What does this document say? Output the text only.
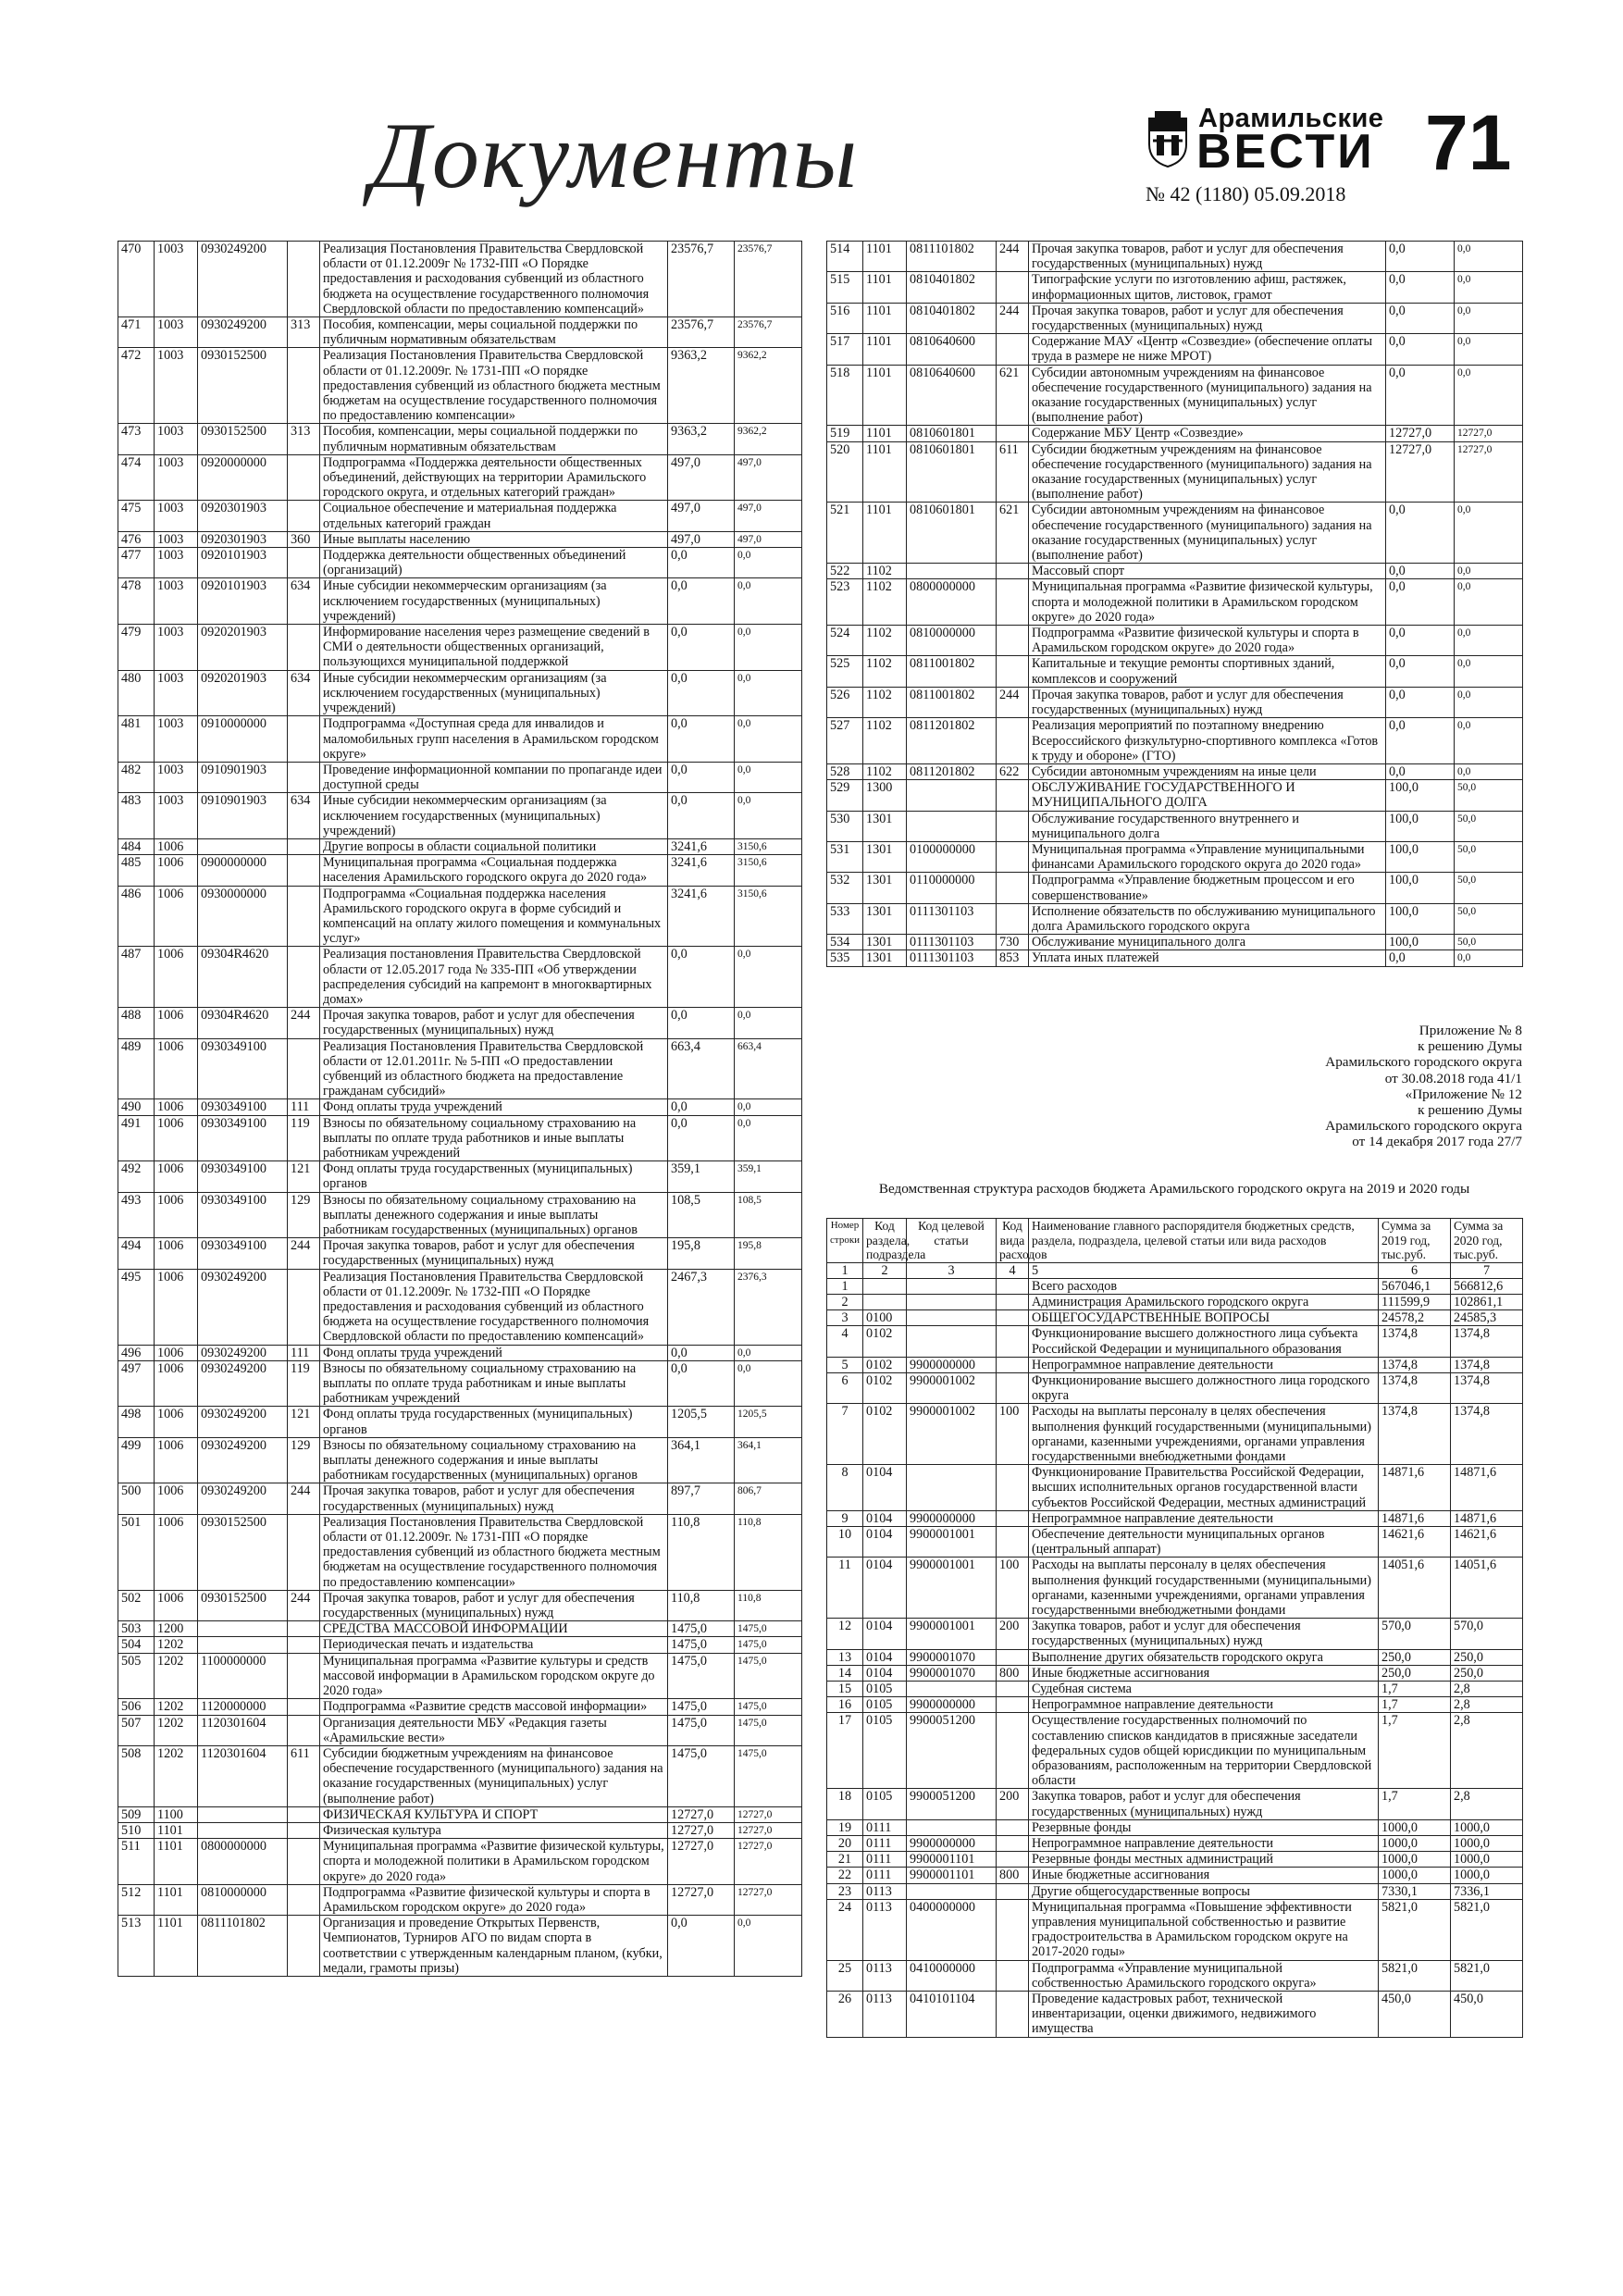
Документы	Арамильские
ВЕСТИ
№ 42 (1180) 05.09.2018
71
470	1003	0930249200		Реализация Постановления Правительства Свердловской области от 01.12.2009г № 1732-ПП «О Порядке предоставления и расходования субвенций из областного бюджета на осуществление государственного полномочия Свердловской области по предоставлению компенсаций»	23576,7	23576,7
471	1003	0930249200	313	Пособия, компенсации, меры социальной поддержки по публичным нормативным обязательствам	23576,7	23576,7
472	1003	0930152500		Реализация Постановления Правительства Свердловской области от 01.12.2009г. № 1731-ПП «О порядке предоставления субвенций из областного бюджета местным бюджетам на осуществление государственного полномочия по предоставлению компенсации»	9363,2	9362,2
473	1003	0930152500	313	Пособия, компенсации, меры социальной поддержки по публичным нормативным обязательствам	9363,2	9362,2
474	1003	0920000000		Подпрограмма «Поддержка деятельности общественных объединений, действующих на территории Арамильского городского округа, и отдельных категорий граждан»	497,0	497,0
475	1003	0920301903		Социальное обеспечение и материальная поддержка отдельных категорий граждан	497,0	497,0
476	1003	0920301903	360	Иные выплаты населению	497,0	497,0
477	1003	0920101903		Поддержка деятельности общественных объединений (организаций)	0,0	0,0
478	1003	0920101903	634	Иные субсидии некоммерческим организациям (за исключением государственных (муниципальных) учреждений)	0,0	0,0
479	1003	0920201903		Информирование населения через размещение сведений в СМИ о деятельности общественных организаций, пользующихся муниципальной поддержкой	0,0	0,0
480	1003	0920201903	634	Иные субсидии некоммерческим организациям (за исключением государственных (муниципальных) учреждений)	0,0	0,0
481	1003	0910000000		Подпрограмма «Доступная среда для инвалидов и маломобильных групп населения в Арамильском городском округе»	0,0	0,0
482	1003	0910901903		Проведение информационной компании по пропаганде идеи доступной среды	0,0	0,0
483	1003	0910901903	634	Иные субсидии некоммерческим организациям (за исключением государственных (муниципальных) учреждений)	0,0	0,0
484	1006			Другие вопросы в области социальной политики	3241,6	3150,6
485	1006	0900000000		Муниципальная программа «Социальная поддержка населения Арамильского городского округа до 2020 года»	3241,6	3150,6
486	1006	0930000000		Подпрограмма «Социальная поддержка населения Арамильского городского округа в форме субсидий и компенсаций на оплату жилого помещения и коммунальных услуг»	3241,6	3150,6
487	1006	09304R4620		Реализация постановления Правительства Свердловской области от 12.05.2017 года № 335-ПП «Об утверждении распределения субсидий на капремонт в многоквартирных домах»	0,0	0,0
488	1006	09304R4620	244	Прочая закупка товаров, работ и услуг для обеспечения государственных (муниципальных) нужд	0,0	0,0
489	1006	0930349100		Реализация Постановления Правительства Свердловской области от 12.01.2011г. № 5-ПП «О предоставлении субвенций из областного бюджета на предоставление гражданам субсидий»	663,4	663,4
490	1006	0930349100	111	Фонд оплаты труда учреждений	0,0	0,0
491	1006	0930349100	119	Взносы по обязательному социальному страхованию на выплаты по оплате труда работников и иные выплаты работникам учреждений	0,0	0,0
492	1006	0930349100	121	Фонд оплаты труда государственных (муниципальных) органов	359,1	359,1
493	1006	0930349100	129	Взносы по обязательному социальному страхованию на выплаты денежного содержания и иные выплаты работникам государственных (муниципальных) органов	108,5	108,5
494	1006	0930349100	244	Прочая закупка товаров, работ и услуг для обеспечения государственных (муниципальных) нужд	195,8	195,8
495	1006	0930249200		Реализация Постановления Правительства Свердловской области от 01.12.2009г. № 1732-ПП «О Порядке предоставления и расходования субвенций из областного бюджета на осуществление государственного полномочия Свердловской области по предоставлению компенсаций»	2467,3	2376,3
496	1006	0930249200	111	Фонд оплаты труда учреждений	0,0	0,0
497	1006	0930249200	119	Взносы по обязательному социальному страхованию на выплаты по оплате труда работникам и иные выплаты работникам учреждений	0,0	0,0
498	1006	0930249200	121	Фонд оплаты труда государственных (муниципальных) органов	1205,5	1205,5
499	1006	0930249200	129	Взносы по обязательному социальному страхованию на выплаты денежного содержания и иные выплаты работникам государственных (муниципальных) органов	364,1	364,1
500	1006	0930249200	244	Прочая закупка товаров, работ и услуг для обеспечения государственных (муниципальных) нужд	897,7	806,7
501	1006	0930152500		Реализация Постановления Правительства Свердловской области от 01.12.2009г. № 1731-ПП «О порядке предоставления субвенций из областного бюджета местным бюджетам на осуществление государственного полномочия по предоставлению компенсации»	110,8	110,8
502	1006	0930152500	244	Прочая закупка товаров, работ и услуг для обеспечения государственных (муниципальных) нужд	110,8	110,8
503	1200			СРЕДСТВА МАССОВОЙ ИНФОРМАЦИИ	1475,0	1475,0
504	1202			Периодическая печать и издательства	1475,0	1475,0
505	1202	1100000000		Муниципальная программа «Развитие культуры и средств массовой информации в Арамильском городском округе до 2020 года»	1475,0	1475,0
506	1202	1120000000		Подпрограмма «Развитие средств массовой информации»	1475,0	1475,0
507	1202	1120301604		Организация деятельности МБУ «Редакция газеты «Арамильские вести»	1475,0	1475,0
508	1202	1120301604	611	Субсидии бюджетным учреждениям на финансовое обеспечение государственного (муниципального) задания на оказание государственных (муниципальных) услуг (выполнение работ)	1475,0	1475,0
509	1100			ФИЗИЧЕСКАЯ КУЛЬТУРА И СПОРТ	12727,0	12727,0
510	1101			Физическая культура	12727,0	12727,0
511	1101	0800000000		Муниципальная программа «Развитие физической культуры, спорта и молодежной политики в Арамильском городском округе» до 2020 года»	12727,0	12727,0
512	1101	0810000000		Подпрограмма «Развитие физической культуры и спорта в Арамильском городском округе» до 2020 года»	12727,0	12727,0
513	1101	0811101802		Организация и проведение Открытых Первенств, Чемпионатов, Турниров АГО по видам спорта в соответствии с утвержденным календарным планом, (кубки, медали, грамоты призы)	0,0	0,0
514	1101	0811101802	244	Прочая закупка товаров, работ и услуг для обеспечения государственных (муниципальных) нужд	0,0	0,0
515	1101	0810401802		Типографские услуги по изготовлению афиш, растяжек, информационных щитов, листовок, грамот	0,0	0,0
516	1101	0810401802	244	Прочая закупка товаров, работ и услуг для обеспечения государственных (муниципальных) нужд	0,0	0,0
517	1101	0810640600		Содержание МАУ «Центр «Созвездие» (обеспечение оплаты труда в размере не ниже МРОТ)	0,0	0,0
518	1101	0810640600	621	Субсидии автономным учреждениям на финансовое обеспечение государственного (муниципального) задания на оказание государственных (муниципальных) услуг (выполнение работ)	0,0	0,0
519	1101	0810601801		Содержание МБУ Центр «Созвездие»	12727,0	12727,0
520	1101	0810601801	611	Субсидии бюджетным учреждениям на финансовое обеспечение государственного (муниципального) задания на оказание государственных (муниципальных) услуг (выполнение работ)	12727,0	12727,0
521	1101	0810601801	621	Субсидии автономным учреждениям на финансовое обеспечение государственного (муниципального) задания на оказание государственных (муниципальных) услуг (выполнение работ)	0,0	0,0
522	1102			Массовый спорт	0,0	0,0
523	1102	0800000000		Муниципальная программа «Развитие физической культуры, спорта и молодежной политики в Арамильском городском округе» до 2020 года»	0,0	0,0
524	1102	0810000000		Подпрограмма «Развитие физической культуры и спорта в Арамильском городском округе» до 2020 года»	0,0	0,0
525	1102	0811001802		Капитальные и текущие ремонты спортивных зданий, комплексов и сооружений	0,0	0,0
526	1102	0811001802	244	Прочая закупка товаров, работ и услуг для обеспечения государственных (муниципальных) нужд	0,0	0,0
527	1102	0811201802		Реализация мероприятий по поэтапному внедрению Всероссийского физкультурно-спортивного комплекса «Готов к труду и обороне» (ГТО)	0,0	0,0
528	1102	0811201802	622	Субсидии автономным учреждениям на иные цели	0,0	0,0
529	1300			ОБСЛУЖИВАНИЕ ГОСУДАРСТВЕННОГО И МУНИЦИПАЛЬНОГО ДОЛГА	100,0	50,0
530	1301			Обслуживание государственного внутреннего и муниципального долга	100,0	50,0
531	1301	0100000000		Муниципальная программа «Управление муниципальными финансами Арамильского городского округа до 2020 года»	100,0	50,0
532	1301	0110000000		Подпрограмма «Управление бюджетным процессом и его совершенствование»	100,0	50,0
533	1301	0111301103		Исполнение обязательств по обслуживанию муниципального долга Арамильского городского округа	100,0	50,0
534	1301	0111301103	730	Обслуживание муниципального долга	100,0	50,0
535	1301	0111301103	853	Уплата иных платежей	0,0	0,0
Приложение № 8
к решению Думы
Арамильского городского округа
от 30.08.2018 года 41/1
«Приложение № 12
к решению Думы
Арамильского городского округа
от 14 декабря 2017 года 27/7
Ведомственная структура расходов бюджета Арамильского городского округа на 2019 и 2020 годы
Номер строки	Код раздела, подраздела	Код целевой статьи	Код вида расходов	Наименование главного распорядителя бюджетных средств, раздела, подраздела, целевой статьи или вида расходов	Сумма за 2019 год, тыс.руб.	Сумма за 2020 год, тыс.руб.
1	2	3	4	5	6	7
1				Всего расходов	567046,1	566812,6
2				Администрация Арамильского городского округа	111599,9	102861,1
3	0100			ОБЩЕГОСУДАРСТВЕННЫЕ ВОПРОСЫ	24578,2	24585,3
4	0102			Функционирование высшего должностного лица субъекта Российской Федерации и муниципального образования	1374,8	1374,8
5	0102	9900000000		Непрограммное направление деятельности	1374,8	1374,8
6	0102	9900001002		Функционирование высшего должностного лица городского округа	1374,8	1374,8
7	0102	9900001002	100	Расходы на выплаты персоналу в целях обеспечения выполнения функций государственными (муниципальными) органами, казенными учреждениями, органами управления государственными внебюджетными фондами	1374,8	1374,8
8	0104			Функционирование Правительства Российской Федерации, высших исполнительных органов государственной власти субъектов Российской Федерации, местных администраций	14871,6	14871,6
9	0104	9900000000		Непрограммное направление деятельности	14871,6	14871,6
10	0104	9900001001		Обеспечение деятельности муниципальных органов (центральный аппарат)	14621,6	14621,6
11	0104	9900001001	100	Расходы на выплаты персоналу в целях обеспечения выполнения функций государственными (муниципальными) органами, казенными учреждениями, органами управления государственными внебюджетными фондами	14051,6	14051,6
12	0104	9900001001	200	Закупка товаров, работ и услуг для обеспечения государственных (муниципальных) нужд	570,0	570,0
13	0104	9900001070		Выполнение других обязательств городского округа	250,0	250,0
14	0104	9900001070	800	Иные бюджетные ассигнования	250,0	250,0
15	0105			Судебная система	1,7	2,8
16	0105	9900000000		Непрограммное направление деятельности	1,7	2,8
17	0105	9900051200		Осуществление государственных полномочий по составлению списков кандидатов в присяжные заседатели федеральных судов общей юрисдикции по муниципальным образованиям, расположенным на территории Свердловской области	1,7	2,8
18	0105	9900051200	200	Закупка товаров, работ и услуг для обеспечения государственных (муниципальных) нужд	1,7	2,8
19	0111			Резервные фонды	1000,0	1000,0
20	0111	9900000000		Непрограммное направление деятельности	1000,0	1000,0
21	0111	9900001101		Резервные фонды местных администраций	1000,0	1000,0
22	0111	9900001101	800	Иные бюджетные ассигнования	1000,0	1000,0
23	0113			Другие общегосударственные вопросы	7330,1	7336,1
24	0113	0400000000		Муниципальная программа «Повышение эффективности управления муниципальной собственностью и развитие градостроительства в Арамильском городском округе на 2017-2020 годы»	5821,0	5821,0
25	0113	0410000000		Подпрограмма «Управление муниципальной собственностью Арамильского городского округа»	5821,0	5821,0
26	0113	0410101104		Проведение кадастровых работ, технической инвентаризации, оценки движимого, недвижимого имущества	450,0	450,0
